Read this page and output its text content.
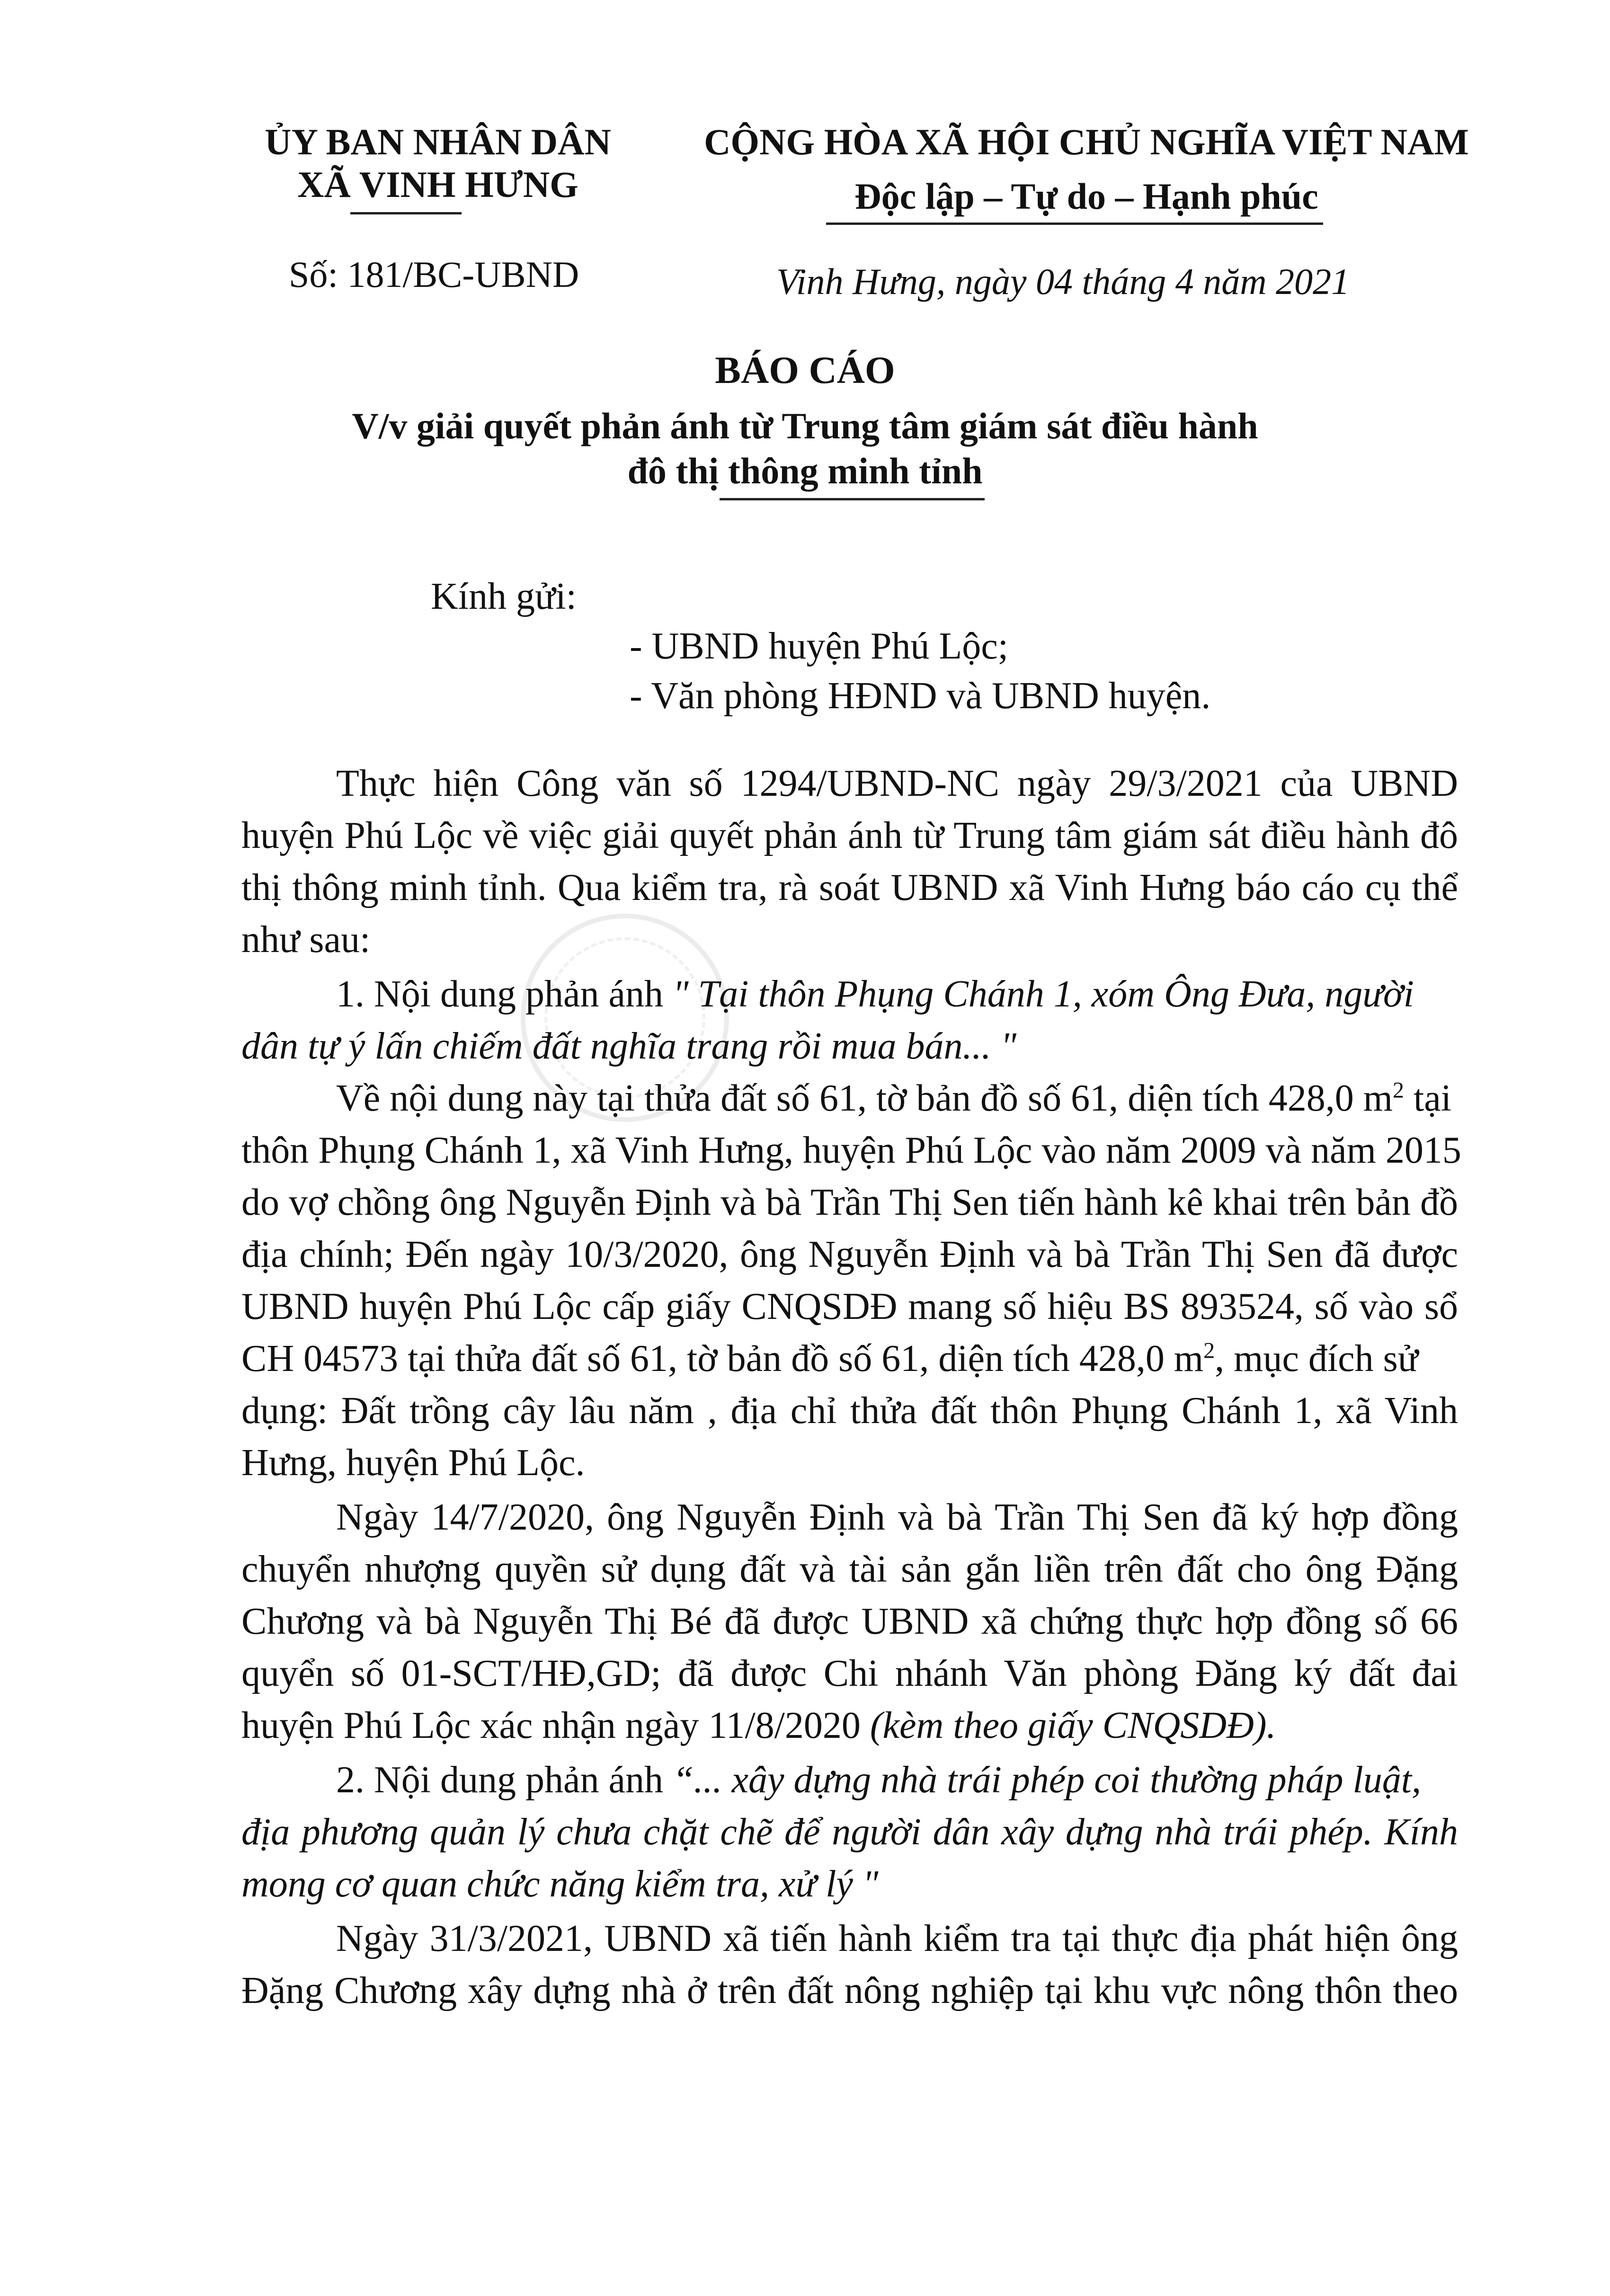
ỦY BAN NHÂN DÂN
XÃ VINH HƯNG
CỘNG HÒA XÃ HỘI CHỦ NGHĨA VIỆT NAM
Độc lập – Tự do – Hạnh phúc
Số: 181/BC-UBND	Vinh Hưng, ngày 04 tháng 4 năm 2021
BÁO CÁO
V/v giải quyết phản ánh từ Trung tâm giám sát điều hành
đô thị thông minh tỉnh
Kính gửi:
- UBND huyện Phú Lộc;
- Văn phòng HĐND và UBND huyện.
Thực hiện Công văn số 1294/UBND-NC ngày 29/3/2021 của UBND
huyện Phú Lộc về việc giải quyết phản ánh từ Trung tâm giám sát điều hành đô
thị thông minh tỉnh. Qua kiểm tra, rà soát UBND xã Vinh Hưng báo cáo cụ thể
như sau:
1. Nội dung phản ánh " Tại thôn Phụng Chánh 1, xóm Ông Đưa, người
dân tự ý lấn chiếm đất nghĩa trang rồi mua bán... "
Về nội dung này tại thửa đất số 61, tờ bản đồ số 61, diện tích 428,0 $m^2$ tại
thôn Phụng Chánh 1, xã Vinh Hưng, huyện Phú Lộc vào năm 2009 và năm 2015
do vợ chồng ông Nguyễn Định và bà Trần Thị Sen tiến hành kê khai trên bản đồ
địa chính; Đến ngày 10/3/2020, ông Nguyễn Định và bà Trần Thị Sen đã được
UBND huyện Phú Lộc cấp giấy CNQSDĐ mang số hiệu BS 893524, số vào sổ
CH 04573 tại thửa đất số 61, tờ bản đồ số 61, diện tích 428,0 $m^2$, mục đích sử
dụng: Đất trồng cây lâu năm , địa chỉ thửa đất thôn Phụng Chánh 1, xã Vinh
Hưng, huyện Phú Lộc.
Ngày 14/7/2020, ông Nguyễn Định và bà Trần Thị Sen đã ký hợp đồng
chuyển nhượng quyền sử dụng đất và tài sản gắn liền trên đất cho ông Đặng
Chương và bà Nguyễn Thị Bé đã được UBND xã chứng thực hợp đồng số 66
quyển số 01-SCT/HĐ,GD; đã được Chi nhánh Văn phòng Đăng ký đất đai
huyện Phú Lộc xác nhận ngày 11/8/2020 (kèm theo giấy CNQSDĐ).
2. Nội dung phản ánh “... xây dựng nhà trái phép coi thường pháp luật,
địa phương quản lý chưa chặt chẽ để người dân xây dựng nhà trái phép. Kính
mong cơ quan chức năng kiểm tra, xử lý "
Ngày 31/3/2021, UBND xã tiến hành kiểm tra tại thực địa phát hiện ông
Đặng Chương xây dựng nhà ở trên đất nông nghiệp tại khu vực nông thôn theo
